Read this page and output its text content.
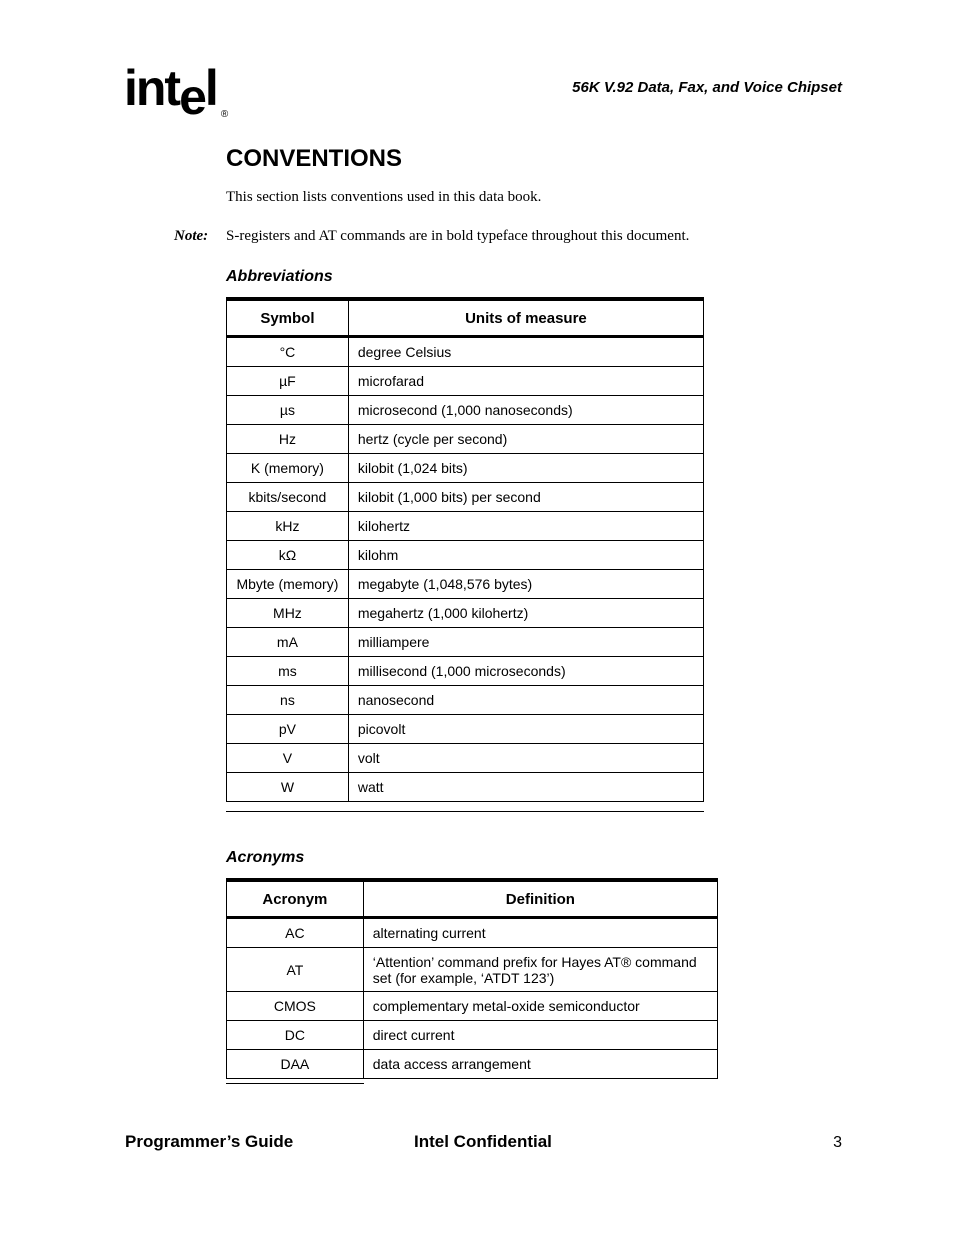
intel $_®$
56K V.92 Data, Fax, and Voice Chipset
CONVENTIONS
This section lists conventions used in this data book.
Note: S-registers and AT commands are in bold typeface throughout this document.
Abbreviations
Symbol	Units of measure
°C	degree Celsius
µF	microfarad
µs	microsecond (1,000 nanoseconds)
Hz	hertz (cycle per second)
K (memory)	kilobit (1,024 bits)
kbits/second	kilobit (1,000 bits) per second
kHz	kilohertz
kΩ	kilohm
Mbyte (memory)	megabyte (1,048,576 bytes)
MHz	megahertz (1,000 kilohertz)
mA	milliampere
ms	millisecond (1,000 microseconds)
ns	nanosecond
pV	picovolt
V	volt
W	watt
Acronyms
Acronym	Definition
AC	alternating current
AT	‘Attention’ command prefix for Hayes AT® command set (for example, ‘ATDT 123’)
CMOS	complementary metal-oxide semiconductor
DC	direct current
DAA	data access arrangement
Programmer’s Guide	Intel Confidential	3
